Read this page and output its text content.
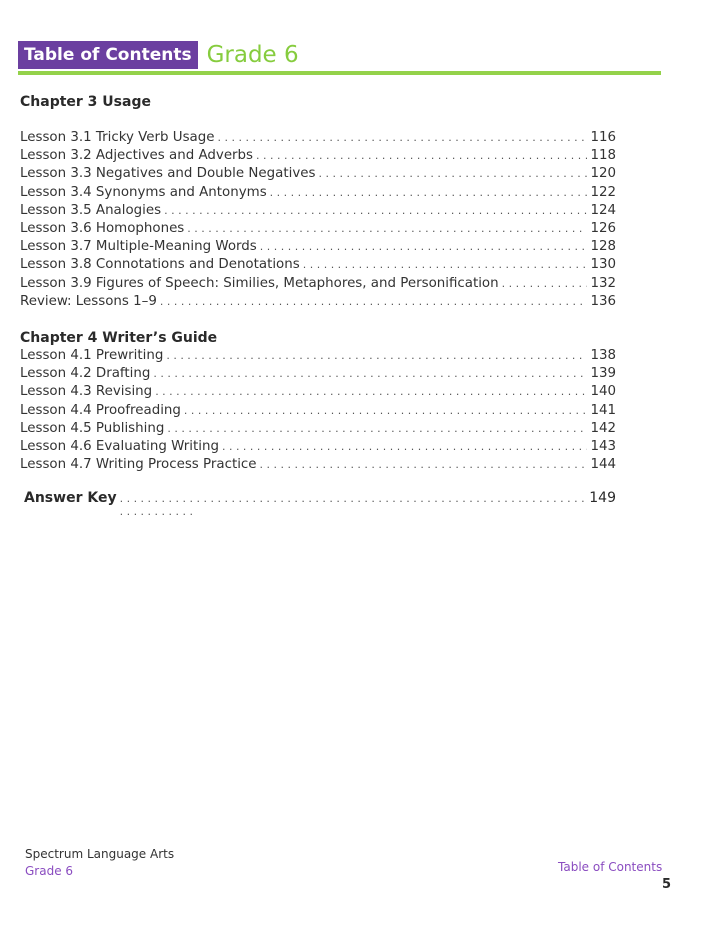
Table of Contents Grade 6
Chapter 3 Usage
Lesson 3.1 Tricky Verb Usage . . .	116
Lesson 3.2 Adjectives and Adverbs . . .	118
Lesson 3.3 Negatives and Double Negatives . . .	120
Lesson 3.4 Synonyms and Antonyms . . .	122
Lesson 3.5 Analogies . . .	124
Lesson 3.6 Homophones . . .	126
Lesson 3.7 Multiple-Meaning Words . . .	128
Lesson 3.8 Connotations and Denotations . . .	130
Lesson 3.9 Figures of Speech: Similies, Metaphores, and Personification . . .	132
Review: Lessons 1–9 . . .	136
Chapter 4 Writer’s Guide
Lesson 4.1 Prewriting . . .	138
Lesson 4.2 Drafting . . .	139
Lesson 4.3 Revising . . .	140
Lesson 4.4 Proofreading . . .	141
Lesson 4.5 Publishing . . .	142
Lesson 4.6 Evaluating Writing . . .	143
Lesson 4.7 Writing Process Practice . . .	144
Answer Key . . .	149
Spectrum Language Arts
Grade 6	Table of Contents
5
